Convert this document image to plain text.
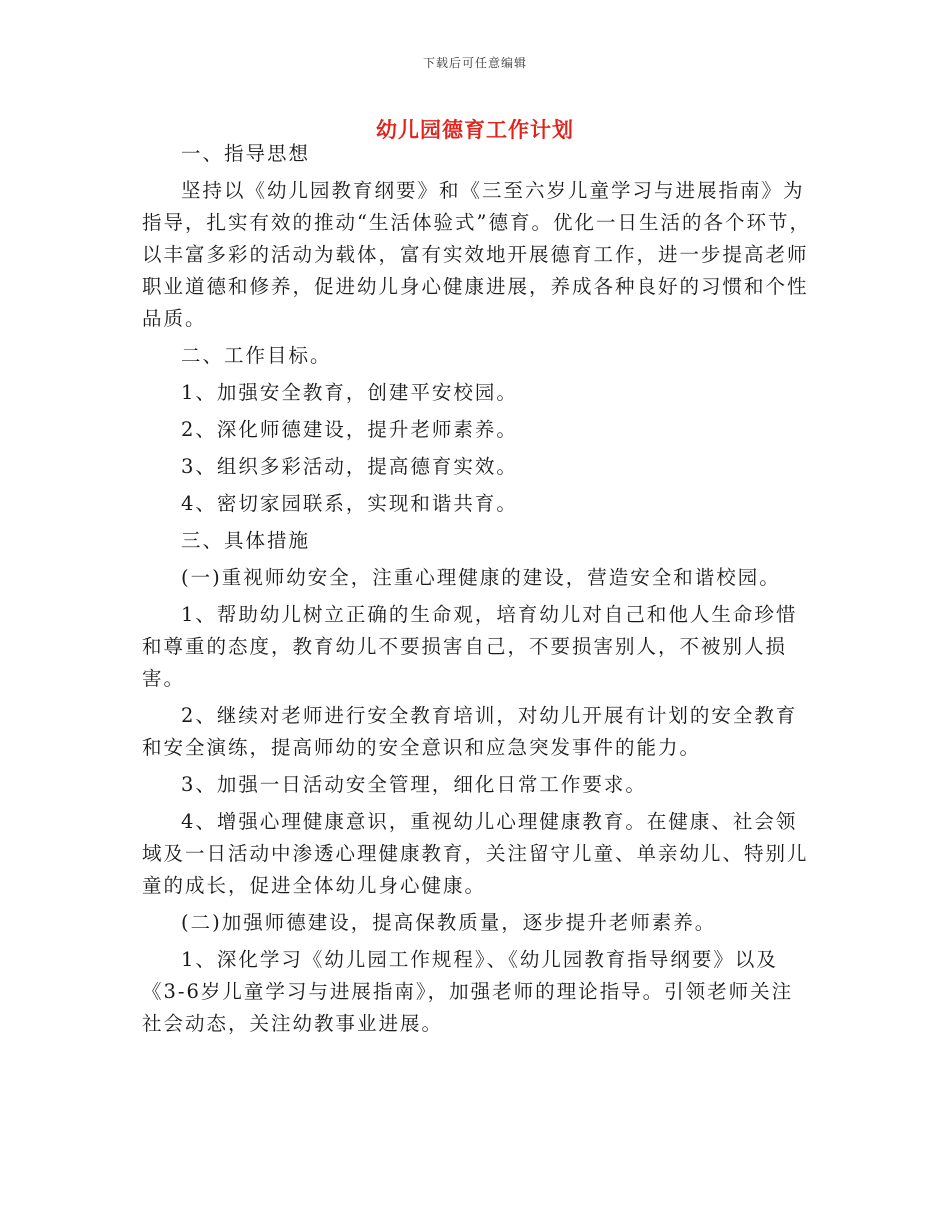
下载后可任意编辑
幼儿园德育工作计划

一、指导思想

坚持以《幼儿园教育纲要》和《三至六岁儿童学习与进展指南》为指导，扎实有效的推动“生活体验式”德育。优化一日生活的各个环节，以丰富多彩的活动为载体，富有实效地开展德育工作，进一步提高老师职业道德和修养，促进幼儿身心健康进展，养成各种良好的习惯和个性品质。

二、工作目标。

1、加强安全教育，创建平安校园。

2、深化师德建设，提升老师素养。

3、组织多彩活动，提高德育实效。

4、密切家园联系，实现和谐共育。

三、具体措施

(一)重视师幼安全，注重心理健康的建设，营造安全和谐校园。

1、帮助幼儿树立正确的生命观，培育幼儿对自己和他人生命珍惜和尊重的态度，教育幼儿不要损害自己，不要损害别人，不被别人损害。

2、继续对老师进行安全教育培训，对幼儿开展有计划的安全教育和安全演练，提高师幼的安全意识和应急突发事件的能力。

3、加强一日活动安全管理，细化日常工作要求。

4、增强心理健康意识，重视幼儿心理健康教育。在健康、社会领域及一日活动中渗透心理健康教育，关注留守儿童、单亲幼儿、特别儿童的成长，促进全体幼儿身心健康。

(二)加强师德建设，提高保教质量，逐步提升老师素养。

1、深化学习《幼儿园工作规程》、《幼儿园教育指导纲要》以及《3-6岁儿童学习与进展指南》，加强老师的理论指导。引领老师关注社会动态，关注幼教事业进展。
